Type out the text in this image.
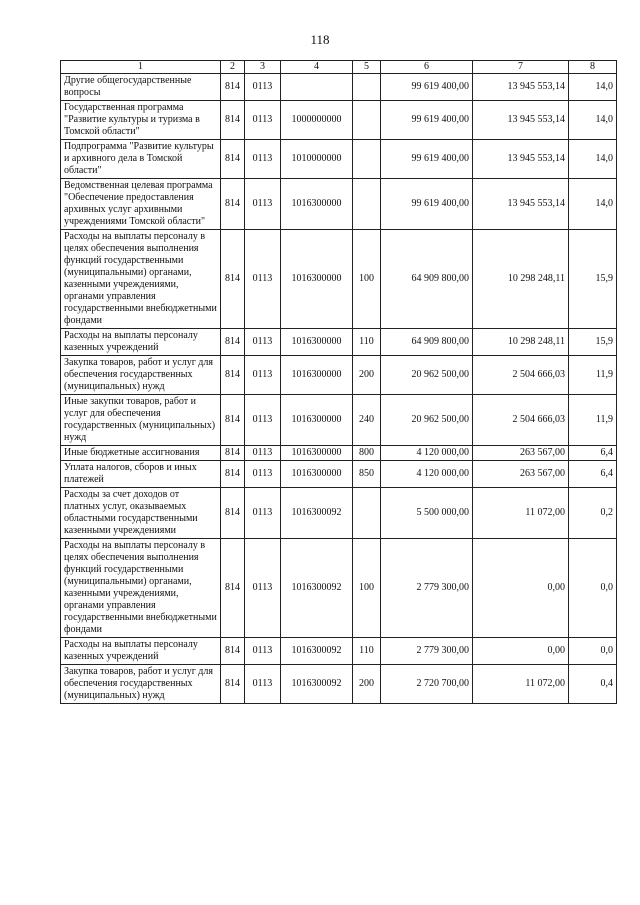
118
1	2	3	4	5	6	7	8
Другие общегосударственные вопросы	814	0113			99 619 400,00	13 945 553,14	14,0
Государственная программа "Развитие культуры и туризма в Томской области"	814	0113	1000000000		99 619 400,00	13 945 553,14	14,0
Подпрограмма "Развитие культуры и архивного дела в Томской области"	814	0113	1010000000		99 619 400,00	13 945 553,14	14,0
Ведомственная целевая программа "Обеспечение предоставления архивных услуг архивными учреждениями Томской области"	814	0113	1016300000		99 619 400,00	13 945 553,14	14,0
Расходы на выплаты персоналу в целях обеспечения выполнения функций государственными (муниципальными) органами, казенными учреждениями, органами управления государственными внебюджетными фондами	814	0113	1016300000	100	64 909 800,00	10 298 248,11	15,9
Расходы на выплаты персоналу казенных учреждений	814	0113	1016300000	110	64 909 800,00	10 298 248,11	15,9
Закупка товаров, работ и услуг для обеспечения государственных (муниципальных) нужд	814	0113	1016300000	200	20 962 500,00	2 504 666,03	11,9
Иные закупки товаров, работ и услуг для обеспечения государственных (муниципальных) нужд	814	0113	1016300000	240	20 962 500,00	2 504 666,03	11,9
Иные бюджетные ассигнования	814	0113	1016300000	800	4 120 000,00	263 567,00	6,4
Уплата налогов, сборов и иных платежей	814	0113	1016300000	850	4 120 000,00	263 567,00	6,4
Расходы за счет доходов от платных услуг, оказываемых областными государственными казенными учреждениями	814	0113	1016300092		5 500 000,00	11 072,00	0,2
Расходы на выплаты персоналу в целях обеспечения выполнения функций государственными (муниципальными) органами, казенными учреждениями, органами управления государственными внебюджетными фондами	814	0113	1016300092	100	2 779 300,00	0,00	0,0
Расходы на выплаты персоналу казенных учреждений	814	0113	1016300092	110	2 779 300,00	0,00	0,0
Закупка товаров, работ и услуг для обеспечения государственных (муниципальных) нужд	814	0113	1016300092	200	2 720 700,00	11 072,00	0,4
